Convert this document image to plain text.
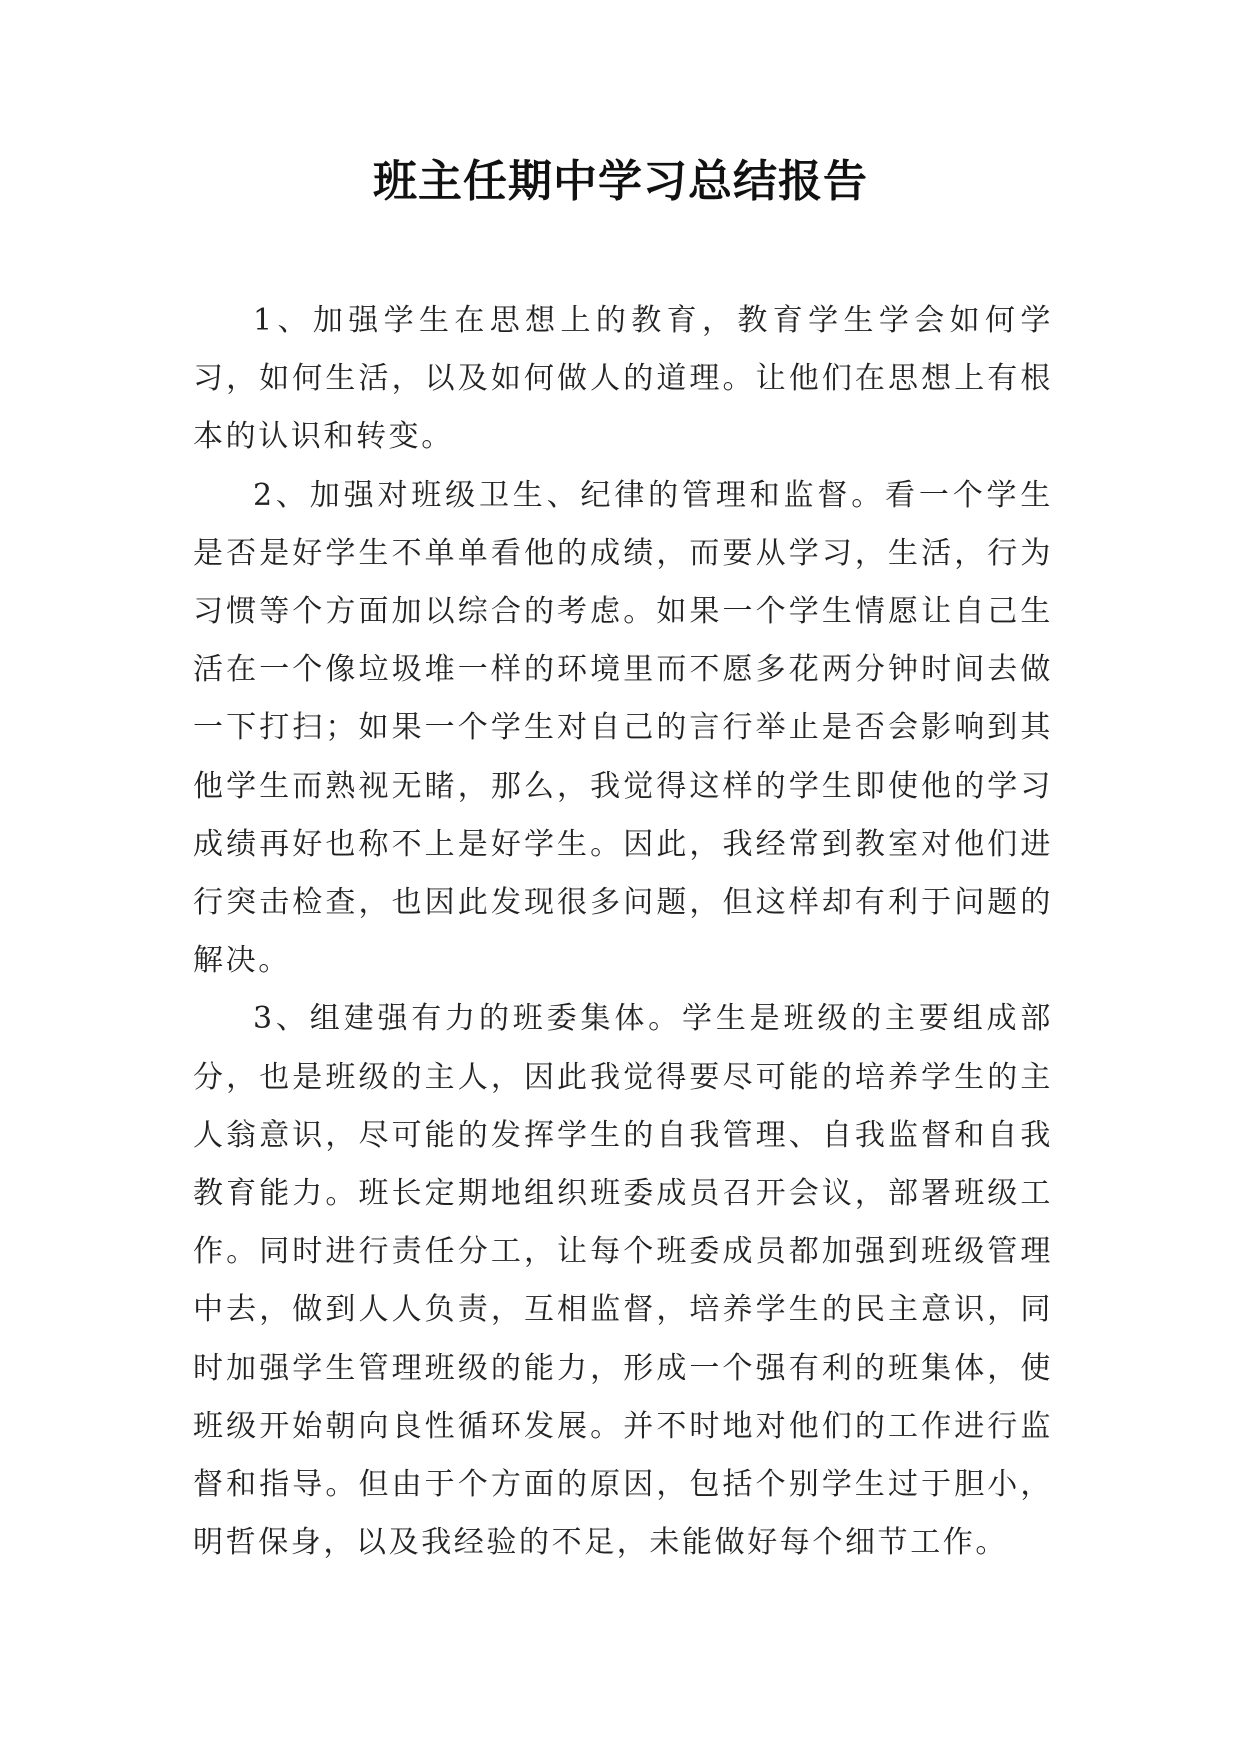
班主任期中学习总结报告

1、加强学生在思想上的教育，教育学生学会如何学习，如何生活，以及如何做人的道理。让他们在思想上有根本的认识和转变。

2、加强对班级卫生、纪律的管理和监督。看一个学生是否是好学生不单单看他的成绩，而要从学习，生活，行为习惯等个方面加以综合的考虑。如果一个学生情愿让自己生活在一个像垃圾堆一样的环境里而不愿多花两分钟时间去做一下打扫；如果一个学生对自己的言行举止是否会影响到其他学生而熟视无睹，那么，我觉得这样的学生即使他的学习成绩再好也称不上是好学生。因此，我经常到教室对他们进行突击检查，也因此发现很多问题，但这样却有利于问题的解决。

3、组建强有力的班委集体。学生是班级的主要组成部分，也是班级的主人，因此我觉得要尽可能的培养学生的主人翁意识，尽可能的发挥学生的自我管理、自我监督和自我教育能力。班长定期地组织班委成员召开会议，部署班级工作。同时进行责任分工，让每个班委成员都加强到班级管理中去，做到人人负责，互相监督，培养学生的民主意识，同时加强学生管理班级的能力，形成一个强有利的班集体，使班级开始朝向良性循环发展。并不时地对他们的工作进行监督和指导。但由于个方面的原因，包括个别学生过于胆小，明哲保身，以及我经验的不足，未能做好每个细节工作。
